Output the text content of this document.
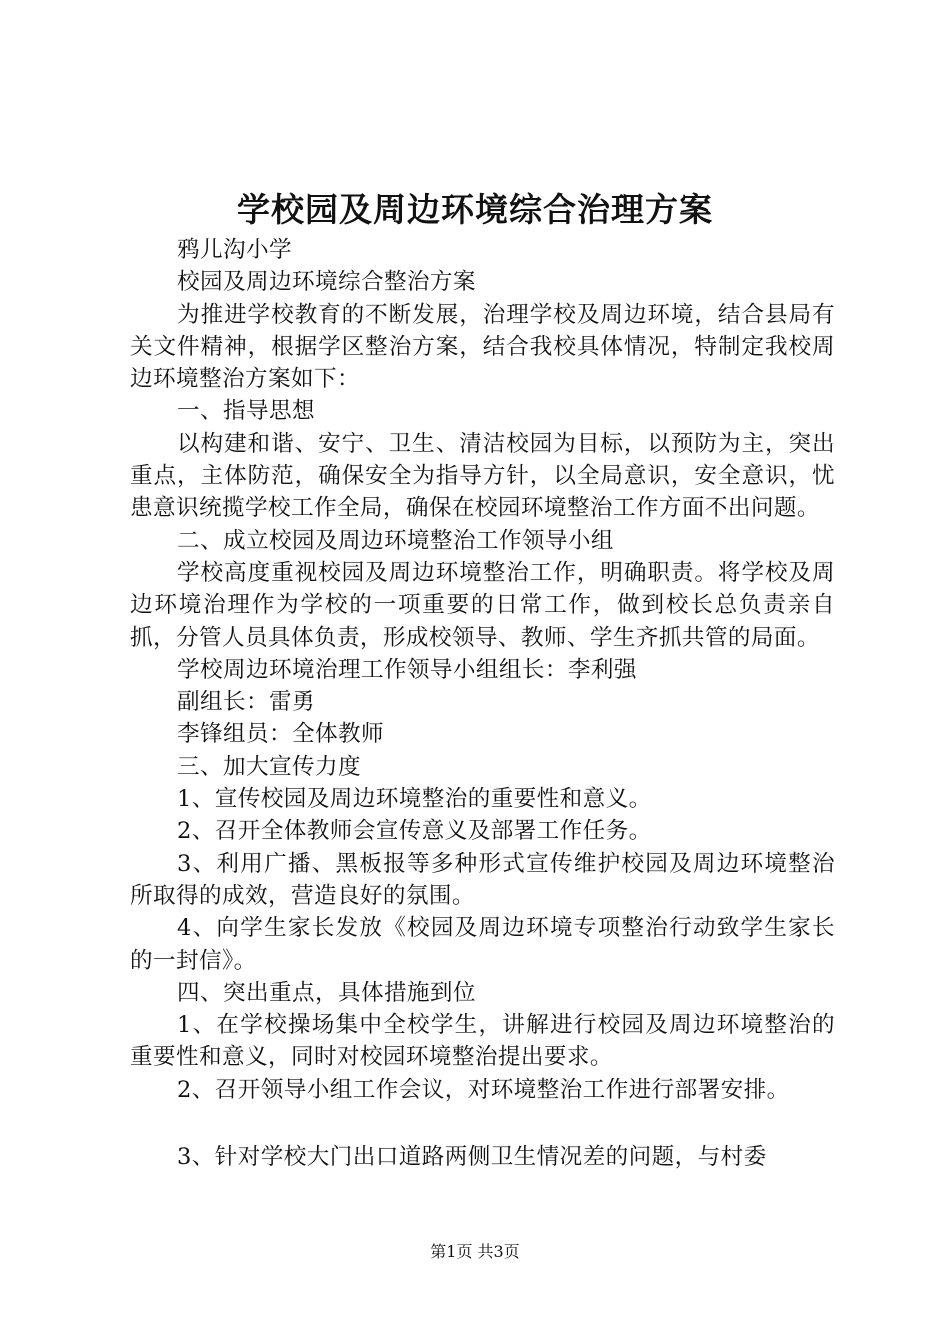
学校园及周边环境综合治理方案

鸦儿沟小学

校园及周边环境综合整治方案

为推进学校教育的不断发展，治理学校及周边环境，结合县局有关文件精神，根据学区整治方案，结合我校具体情况，特制定我校周边环境整治方案如下：

一、指导思想

以构建和谐、安宁、卫生、清洁校园为目标，以预防为主，突出重点，主体防范，确保安全为指导方针，以全局意识，安全意识，忧患意识统揽学校工作全局，确保在校园环境整治工作方面不出问题。

二、成立校园及周边环境整治工作领导小组

学校高度重视校园及周边环境整治工作，明确职责。将学校及周边环境治理作为学校的一项重要的日常工作，做到校长总负责亲自抓，分管人员具体负责，形成校领导、教师、学生齐抓共管的局面。

学校周边环境治理工作领导小组组长：李利强

副组长：雷勇

李锋组员：全体教师

三、加大宣传力度

1、宣传校园及周边环境整治的重要性和意义。

2、召开全体教师会宣传意义及部署工作任务。

3、利用广播、黑板报等多种形式宣传维护校园及周边环境整治所取得的成效，营造良好的氛围。

4、向学生家长发放《校园及周边环境专项整治行动致学生家长的一封信》。

四、突出重点，具体措施到位

1、在学校操场集中全校学生，讲解进行校园及周边环境整治的重要性和意义，同时对校园环境整治提出要求。

2、召开领导小组工作会议，对环境整治工作进行部署安排。

3、针对学校大门出口道路两侧卫生情况差的问题，与村委

第1页 共3页
